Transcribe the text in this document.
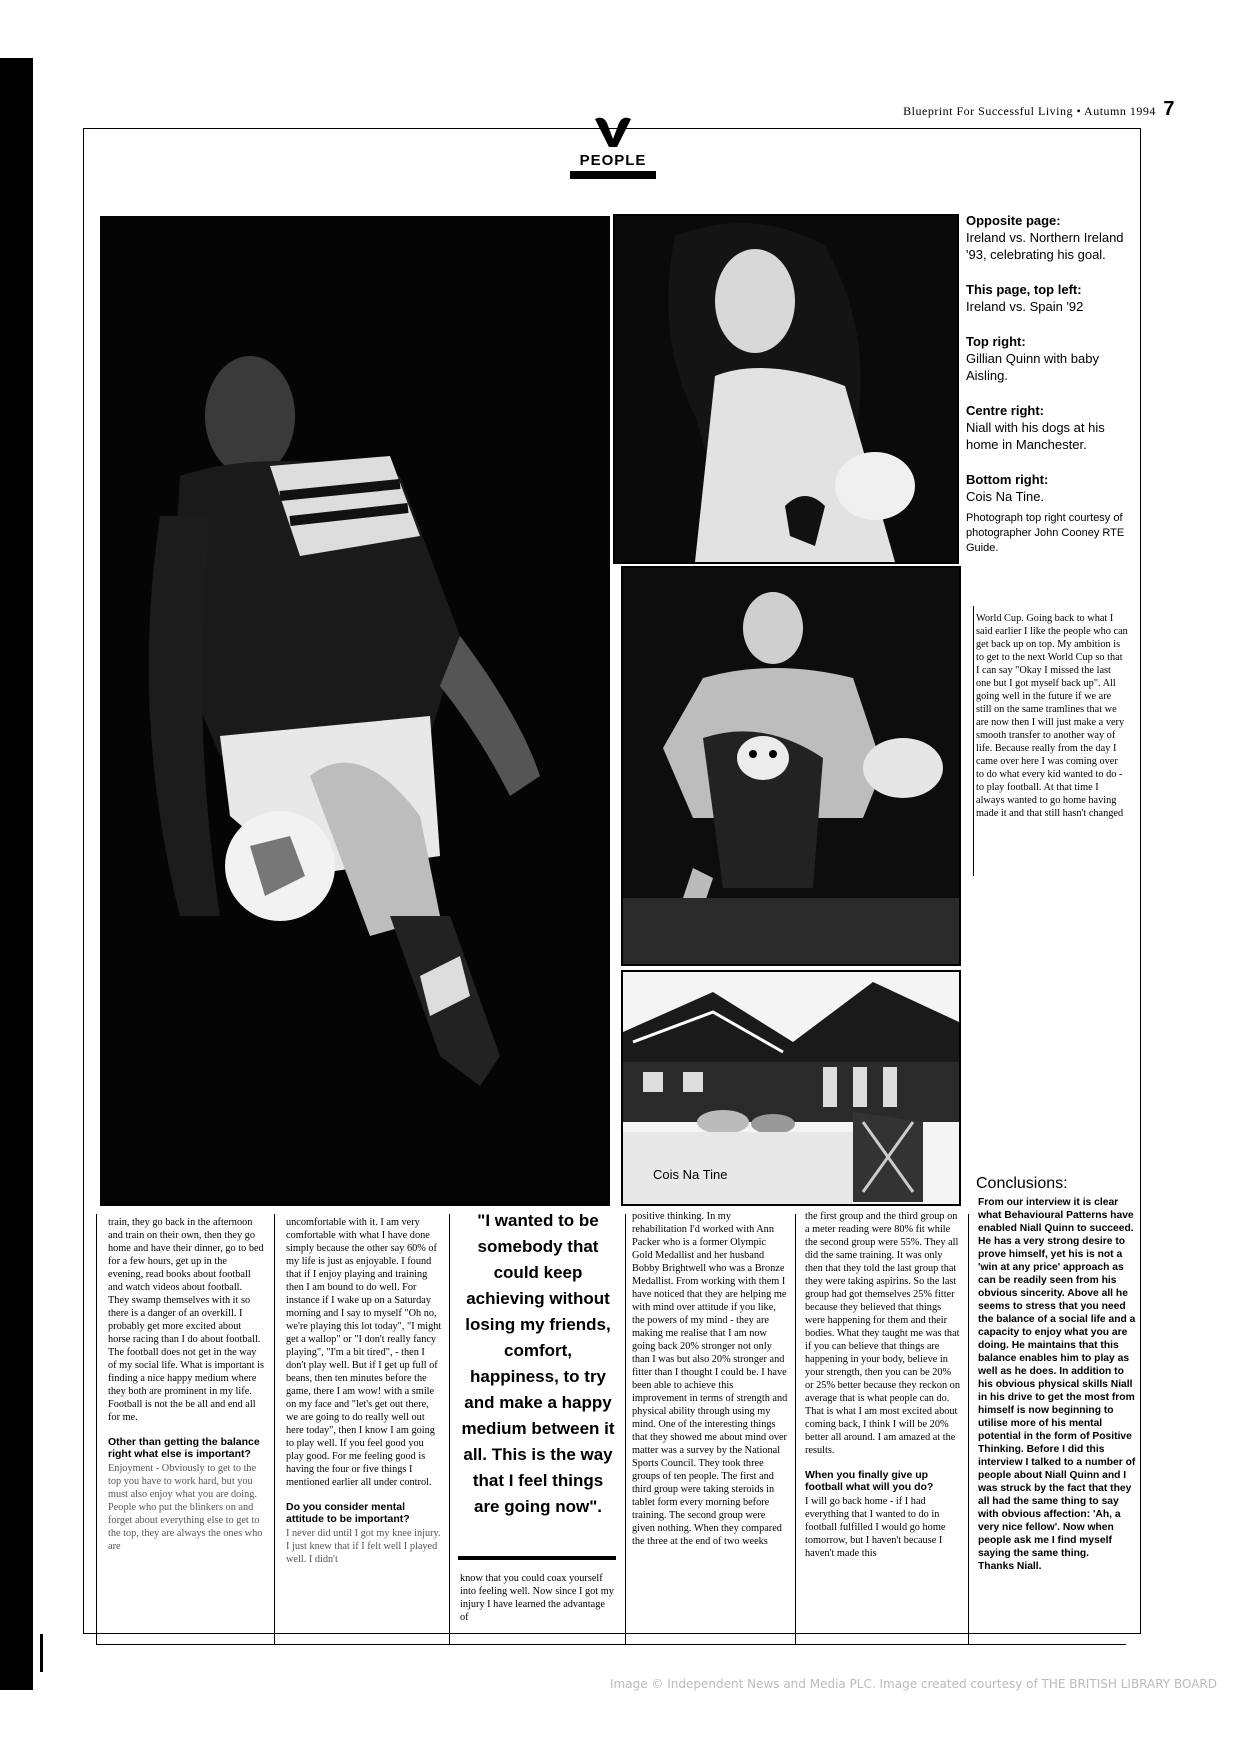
Blueprint For Successful Living • Autumn 1994 7
PEOPLE
Cois Na Tine
Opposite page:
Ireland vs. Northern Ireland '93, celebrating his goal.
This page, top left:
Ireland vs. Spain '92
Top right:
Gillian Quinn with baby Aisling.
Centre right:
Niall with his dogs at his home in Manchester.
Bottom right:
Cois Na Tine.
Photograph top right courtesy of photographer John Cooney RTE Guide.
World Cup. Going back to what I said earlier I like the people who can get back up on top. My ambition is to get to the next World Cup so that I can say "Okay I missed the last one but I got myself back up". All going well in the future if we are still on the same tramlines that we are now then I will just make a very smooth transfer to another way of life. Because really from the day I came over here I was coming over to do what every kid wanted to do - to play football. At that time I always wanted to go home having made it and that still hasn't changed

train, they go back in the afternoon and train on their own, then they go home and have their dinner, go to bed for a few hours, get up in the evening, read books about football and watch videos about football. They swamp themselves with it so there is a danger of an overkill. I probably get more excited about horse racing than I do about football. The football does not get in the way of my social life. What is important is finding a nice happy medium where they both are prominent in my life. Football is not the be all and end all for me.

Other than getting the balance right what else is important?

Enjoyment - Obviously to get to the top you have to work hard, but you must also enjoy what you are doing. People who put the blinkers on and forget about everything else to get to the top, they are always the ones who are

uncomfortable with it. I am very comfortable with what I have done simply because the other say 60% of my life is just as enjoyable. I found that if I enjoy playing and training then I am bound to do well. For instance if I wake up on a Saturday morning and I say to myself "Oh no, we're playing this lot today", "I might get a wallop" or "I don't really fancy playing", "I'm a bit tired", - then I don't play well. But if I get up full of beans, then ten minutes before the game, there I am wow! with a smile on my face and "let's get out there, we are going to do really well out here today", then I know I am going to play well. If you feel good you play good. For me feeling good is having the four or five things I mentioned earlier all under control.

Do you consider mental attitude to be important?

I never did until I got my knee injury. I just knew that if I felt well I played well. I didn't

"I wanted to be somebody that could keep achieving without losing my friends, comfort, happiness, to try and make a happy medium between it all. This is the way that I feel things are going now".
know that you could coax yourself into feeling well. Now since I got my injury I have learned the advantage of

positive thinking. In my rehabilitation I'd worked with Ann Packer who is a former Olympic Gold Medallist and her husband Bobby Brightwell who was a Bronze Medallist. From working with them I have noticed that they are helping me with mind over attitude if you like, the powers of my mind - they are making me realise that I am now going back 20% stronger not only than I was but also 20% stronger and fitter than I thought I could be. I have been able to achieve this improvement in terms of strength and physical ability through using my mind. One of the interesting things that they showed me about mind over matter was a survey by the National Sports Council. They took three groups of ten people. The first and third group were taking steroids in tablet form every morning before training. The second group were given nothing. When they compared the three at the end of two weeks

the first group and the third group on a meter reading were 80% fit while the second group were 55%. They all did the same training. It was only then that they told the last group that they were taking aspirins. So the last group had got themselves 25% fitter because they believed that things were happening for them and their bodies. What they taught me was that if you can believe that things are happening in your body, believe in your strength, then you can be 20% or 25% better because they reckon on average that is what people can do. That is what I am most excited about coming back, I think I will be 20% better all around. I am amazed at the results.

When you finally give up football what will you do?

I will go back home - if I had everything that I wanted to do in football fulfilled I would go home tomorrow, but I haven't because I haven't made this

Conclusions:
From our interview it is clear what Behavioural Patterns have enabled Niall Quinn to succeed. He has a very strong desire to prove himself, yet his is not a 'win at any price' approach as can be readily seen from his obvious sincerity. Above all he seems to stress that you need the balance of a social life and a capacity to enjoy what you are doing. He maintains that this balance enables him to play as well as he does. In addition to his obvious physical skills Niall in his drive to get the most from himself is now beginning to utilise more of his mental potential in the form of Positive Thinking. Before I did this interview I talked to a number of people about Niall Quinn and I was struck by the fact that they all had the same thing to say with obvious affection: 'Ah, a very nice fellow'. Now when people ask me I find myself saying the same thing.
Thanks Niall.
Image © Independent News and Media PLC. Image created courtesy of THE BRITISH LIBRARY BOARD
